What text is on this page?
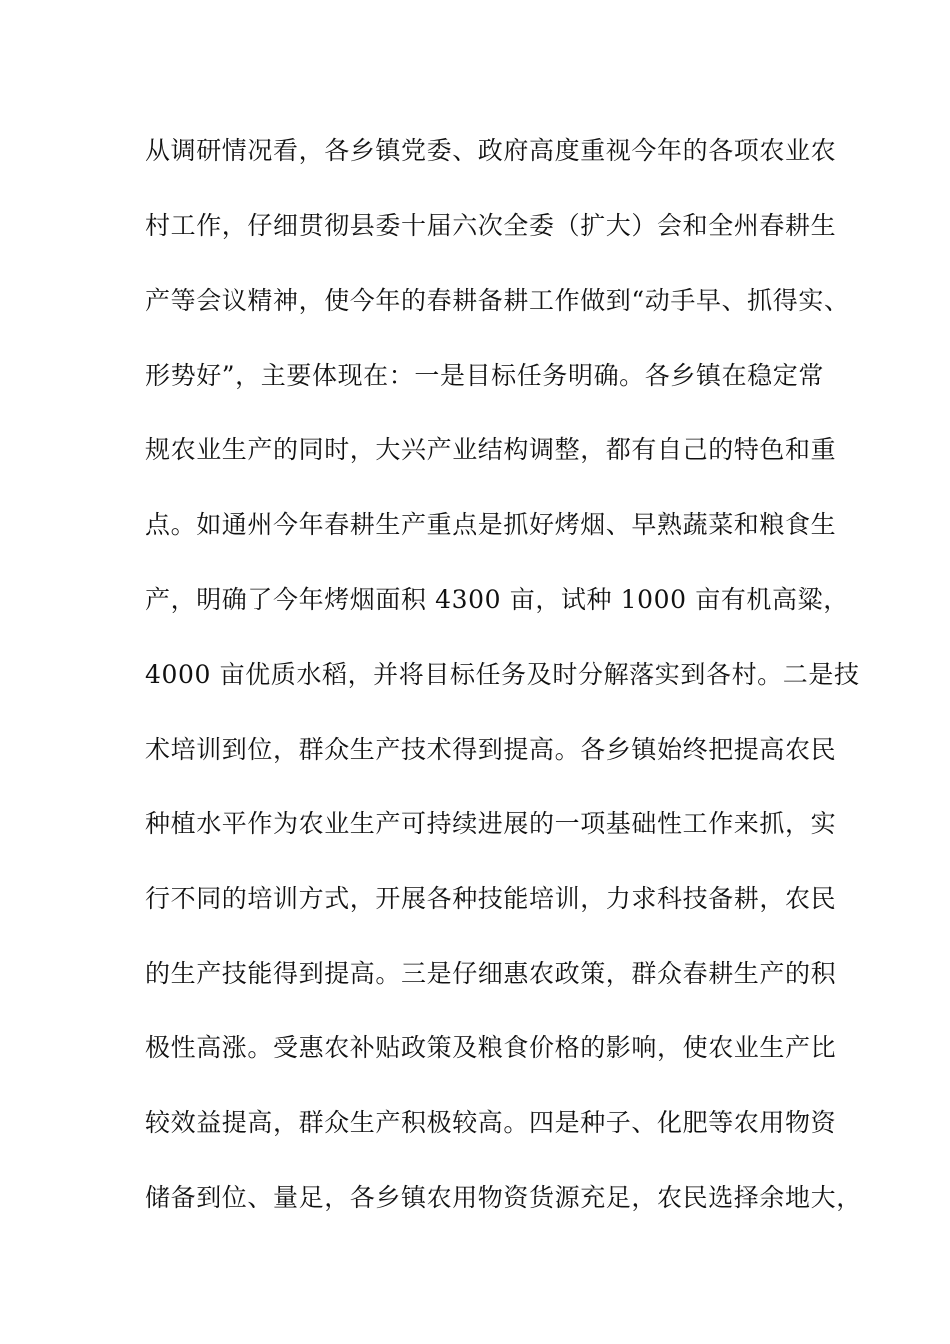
从调研情况看，各乡镇党委、政府高度重视今年的各项农业农
村工作，仔细贯彻县委十届六次全委（扩大）会和全州春耕生
产等会议精神，使今年的春耕备耕工作做到“动手早、抓得实、
形势好”，主要体现在：一是目标任务明确。各乡镇在稳定常
规农业生产的同时，大兴产业结构调整，都有自己的特色和重
点。如通州今年春耕生产重点是抓好烤烟、早熟蔬菜和粮食生
产，明确了今年烤烟面积 4300 亩，试种 1000 亩有机高粱，
4000 亩优质水稻，并将目标任务及时分解落实到各村。二是技
术培训到位，群众生产技术得到提高。各乡镇始终把提高农民
种植水平作为农业生产可持续进展的一项基础性工作来抓，实
行不同的培训方式，开展各种技能培训，力求科技备耕，农民
的生产技能得到提高。三是仔细惠农政策，群众春耕生产的积
极性高涨。受惠农补贴政策及粮食价格的影响，使农业生产比
较效益提高，群众生产积极较高。四是种子、化肥等农用物资
储备到位、量足，各乡镇农用物资货源充足，农民选择余地大，
